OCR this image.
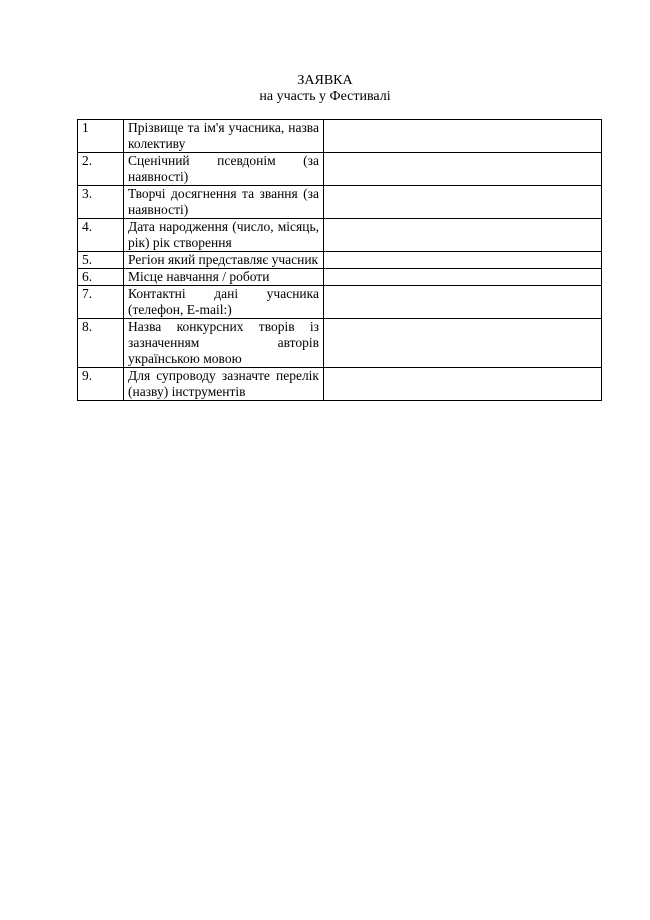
ЗАЯВКА
на участь у Фестивалі
1	Прізвище та ім'я учасника, назва колективу	
2.	Сценічний псевдонім (за наявності)	
3.	Творчі досягнення та звання (за наявності)	
4.	Дата народження (число, місяць, рік) рік створення	
5.	Регіон який представляє учасник	
6.	Місце навчання / роботи	
7.	Контактні дані учасника (телефон, E-mail:)	
8.	Назва конкурсних творів із зазначенням авторів українською мовою	
9.	Для супроводу зазначте перелік (назву) інструментів	
